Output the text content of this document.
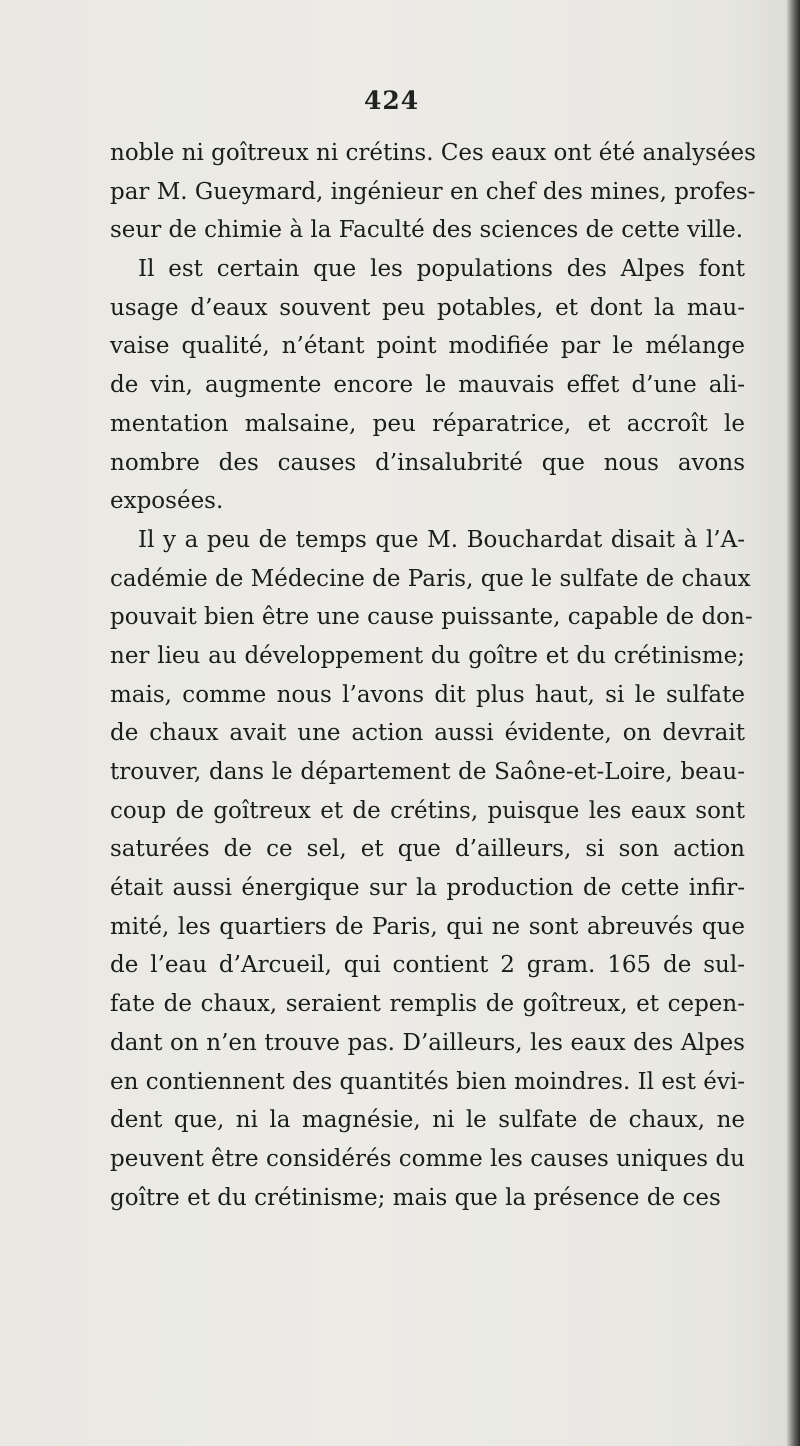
424
noble ni goîtreux ni crétins. Ces eaux ont été analysées
par M. Gueymard, ingénieur en chef des mines, profes-
seur de chimie à la Faculté des sciences de cette ville.
Il est certain que les populations des Alpes font
usage d’eaux souvent peu potables, et dont la mau-
vaise qualité, n’étant point modifiée par le mélange
de vin, augmente encore le mauvais effet d’une ali-
mentation malsaine, peu réparatrice, et accroît le
nombre des causes d’insalubrité que nous avons
exposées.
Il y a peu de temps que M. Bouchardat disait à l’A-
cadémie de Médecine de Paris, que le sulfate de chaux
pouvait bien être une cause puissante, capable de don-
ner lieu au développement du goître et du crétinisme;
mais, comme nous l’avons dit plus haut, si le sulfate
de chaux avait une action aussi évidente, on devrait
trouver, dans le département de Saône-et-Loire, beau-
coup de goîtreux et de crétins, puisque les eaux sont
saturées de ce sel, et que d’ailleurs, si son action
était aussi énergique sur la production de cette infir-
mité, les quartiers de Paris, qui ne sont abreuvés que
de l’eau d’Arcueil, qui contient 2 gram. 165 de sul-
fate de chaux, seraient remplis de goîtreux, et cepen-
dant on n’en trouve pas. D’ailleurs, les eaux des Alpes
en contiennent des quantités bien moindres. Il est évi-
dent que, ni la magnésie, ni le sulfate de chaux, ne
peuvent être considérés comme les causes uniques du
goître et du crétinisme; mais que la présence de ces
